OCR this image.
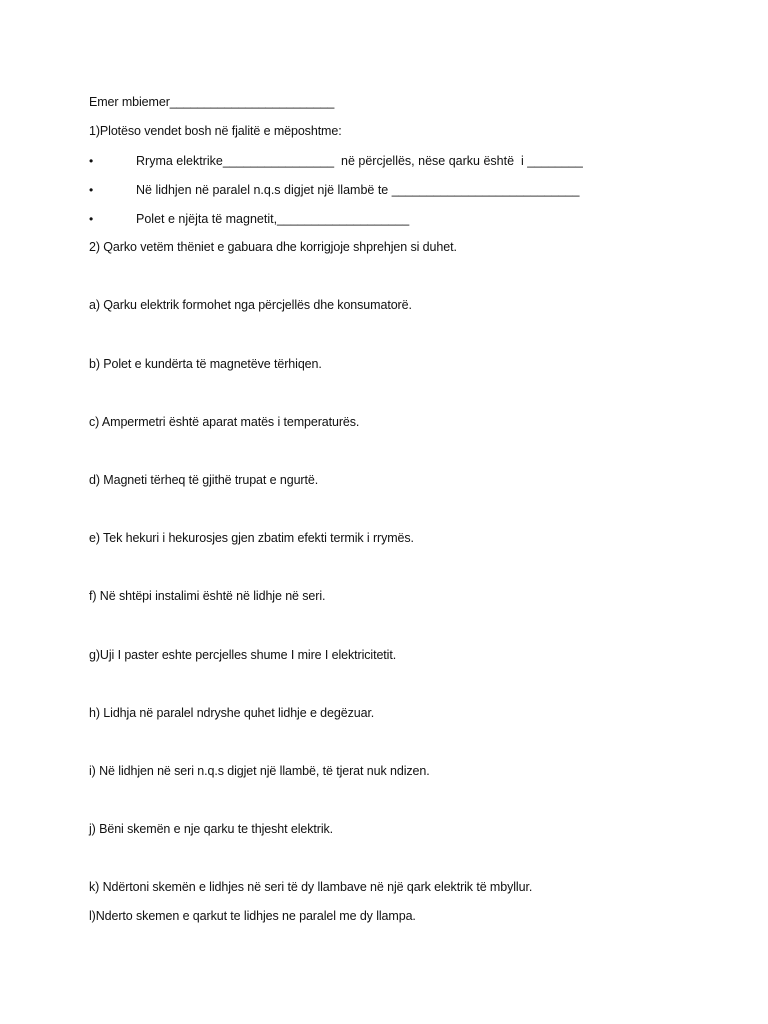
Emer mbiemer________________________
1)Plotëso vendet bosh në fjalitë e mëposhtme:

•

	Rryma elektrike________________  në përcjellës, nëse qarku është  i ________

•

	Në lidhjen në paralel n.q.s digjet një llambë te ___________________________

•

	Polet e njëjta të magnetit,___________________

2) Qarko vetëm thëniet e gabuara dhe korrigjoje shprehjen si duhet.
a) Qarku elektrik formohet nga përcjellës dhe konsumatorë.
b) Polet e kundërta të magnetëve tërhiqen.
c) Ampermetri është aparat matës i temperaturës.
d) Magneti tërheq të gjithë trupat e ngurtë.
e) Tek hekuri i hekurosjes gjen zbatim efekti termik i rrymës.
f) Në shtëpi instalimi është në lidhje në seri.
g)Uji I paster eshte percjelles shume I mire I elektricitetit.
h) Lidhja në paralel ndryshe quhet lidhje e degëzuar.
i) Në lidhjen në seri n.q.s digjet një llambë, të tjerat nuk ndizen.
j) Bëni skemën e nje qarku te thjesht elektrik.
k) Ndërtoni skemën e lidhjes në seri të dy llambave në një qark elektrik të mbyllur.
l)Nderto skemen e qarkut te lidhjes ne paralel me dy llampa.
